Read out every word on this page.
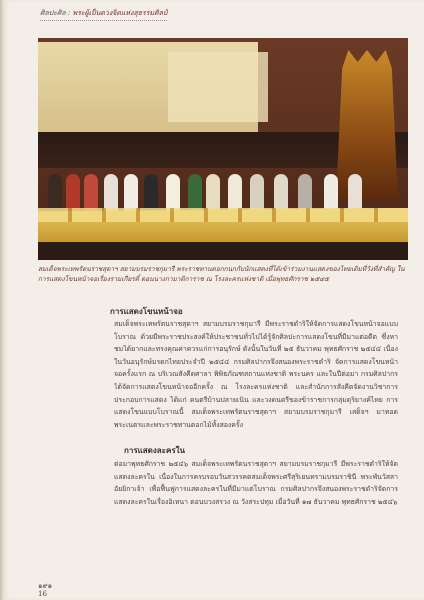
ศิลปะศิล : พระผู้เป็นดวงจิตแห่งสุธรรมศิลป์
สมเด็จพระเทพรัตนราชสุดาฯ สยามบรมราชกุมารี พระราชทานดอกกนกกับนักแสดงที่ได้เข้าร่วมงานแสดงของไทยเดิมที่วังที่สำคัญ ในการแสดงโขนหน้าจอเรื่องรามเกียรติ์ ตอนนางกามาติการาช ณ โรงละครแห่งชาติ เมื่อพุทธศักราช ๒๕๔๕
การแสดงโขนหน้าจอ
สมเด็จพระเทพรัตนราชสุดาฯ สยามบรมราชกุมารี มีพระราชดำริให้จัดการแสดงโขนหน้าจอแบบโบราณ ด้วยมีพระราชประสงค์ให้ประชาชนทั่วไปได้รู้จักศิลปะการแสดงโขนที่มีมาแต่อดีต ซึ่งหาชมได้ยากและทรงคุณค่าควรแก่การอนุรักษ์ ดังนั้นในวันที่ ๒๕ ธันวาคม พุทธศักราช ๒๕๔๔ เนื่องในวันอนุรักษ์มรดกไทยประจำปี ๒๕๔๔ กรมศิลปากรจึงสนองพระราชดำริ จัดการแสดงโขนหน้าจอครั้งแรก ณ บริเวณสังคีตศาลา พิพิธภัณฑสถานแห่งชาติ พระนคร และในปีต่อมา กรมศิลปากรได้จัดการแสดงโขนหน้าจออีกครั้ง ณ โรงละครแห่งชาติ และสำนักการสังคีตจัดงานวิชาการประกอบการแสดง ได้แก่ ดนตรีบ้านปลายเนิน และวงดนตรีของข้าราชการกลุ่มดุริยางค์ไทย การแสดงโขนแบบโบราณนี้ สมเด็จพระเทพรัตนราชสุดาฯ สยามบรมราชกุมารี เสด็จฯ มาทอดพระเนตรและพระราชทานดอกไม้ทั้งสองครั้ง
การแสดงละครใน
ต่อมาพุทธศักราช ๒๕๔๖ สมเด็จพระเทพรัตนราชสุดาฯ สยามบรมราชกุมารี มีพระราชดำริให้จัดแสดงละครใน เนื่องในการครบรอบวันสวรรคตสมเด็จพระศรีสุริเยนทรามบรมราชินี พระพันวัสสาอัยยิกาเจ้า เพื่อฟื้นฟูการแสดงละครในที่มีมาแต่โบราณ กรมศิลปากรจึงสนองพระราชดำริจัดการแสดงละครในเรื่องอิเหนา ตอนบวงสรวง ณ วังสระปทุม เมื่อวันที่ ๑๗ ธันวาคม พุทธศักราช ๒๕๔๖
๑๙๑
16
